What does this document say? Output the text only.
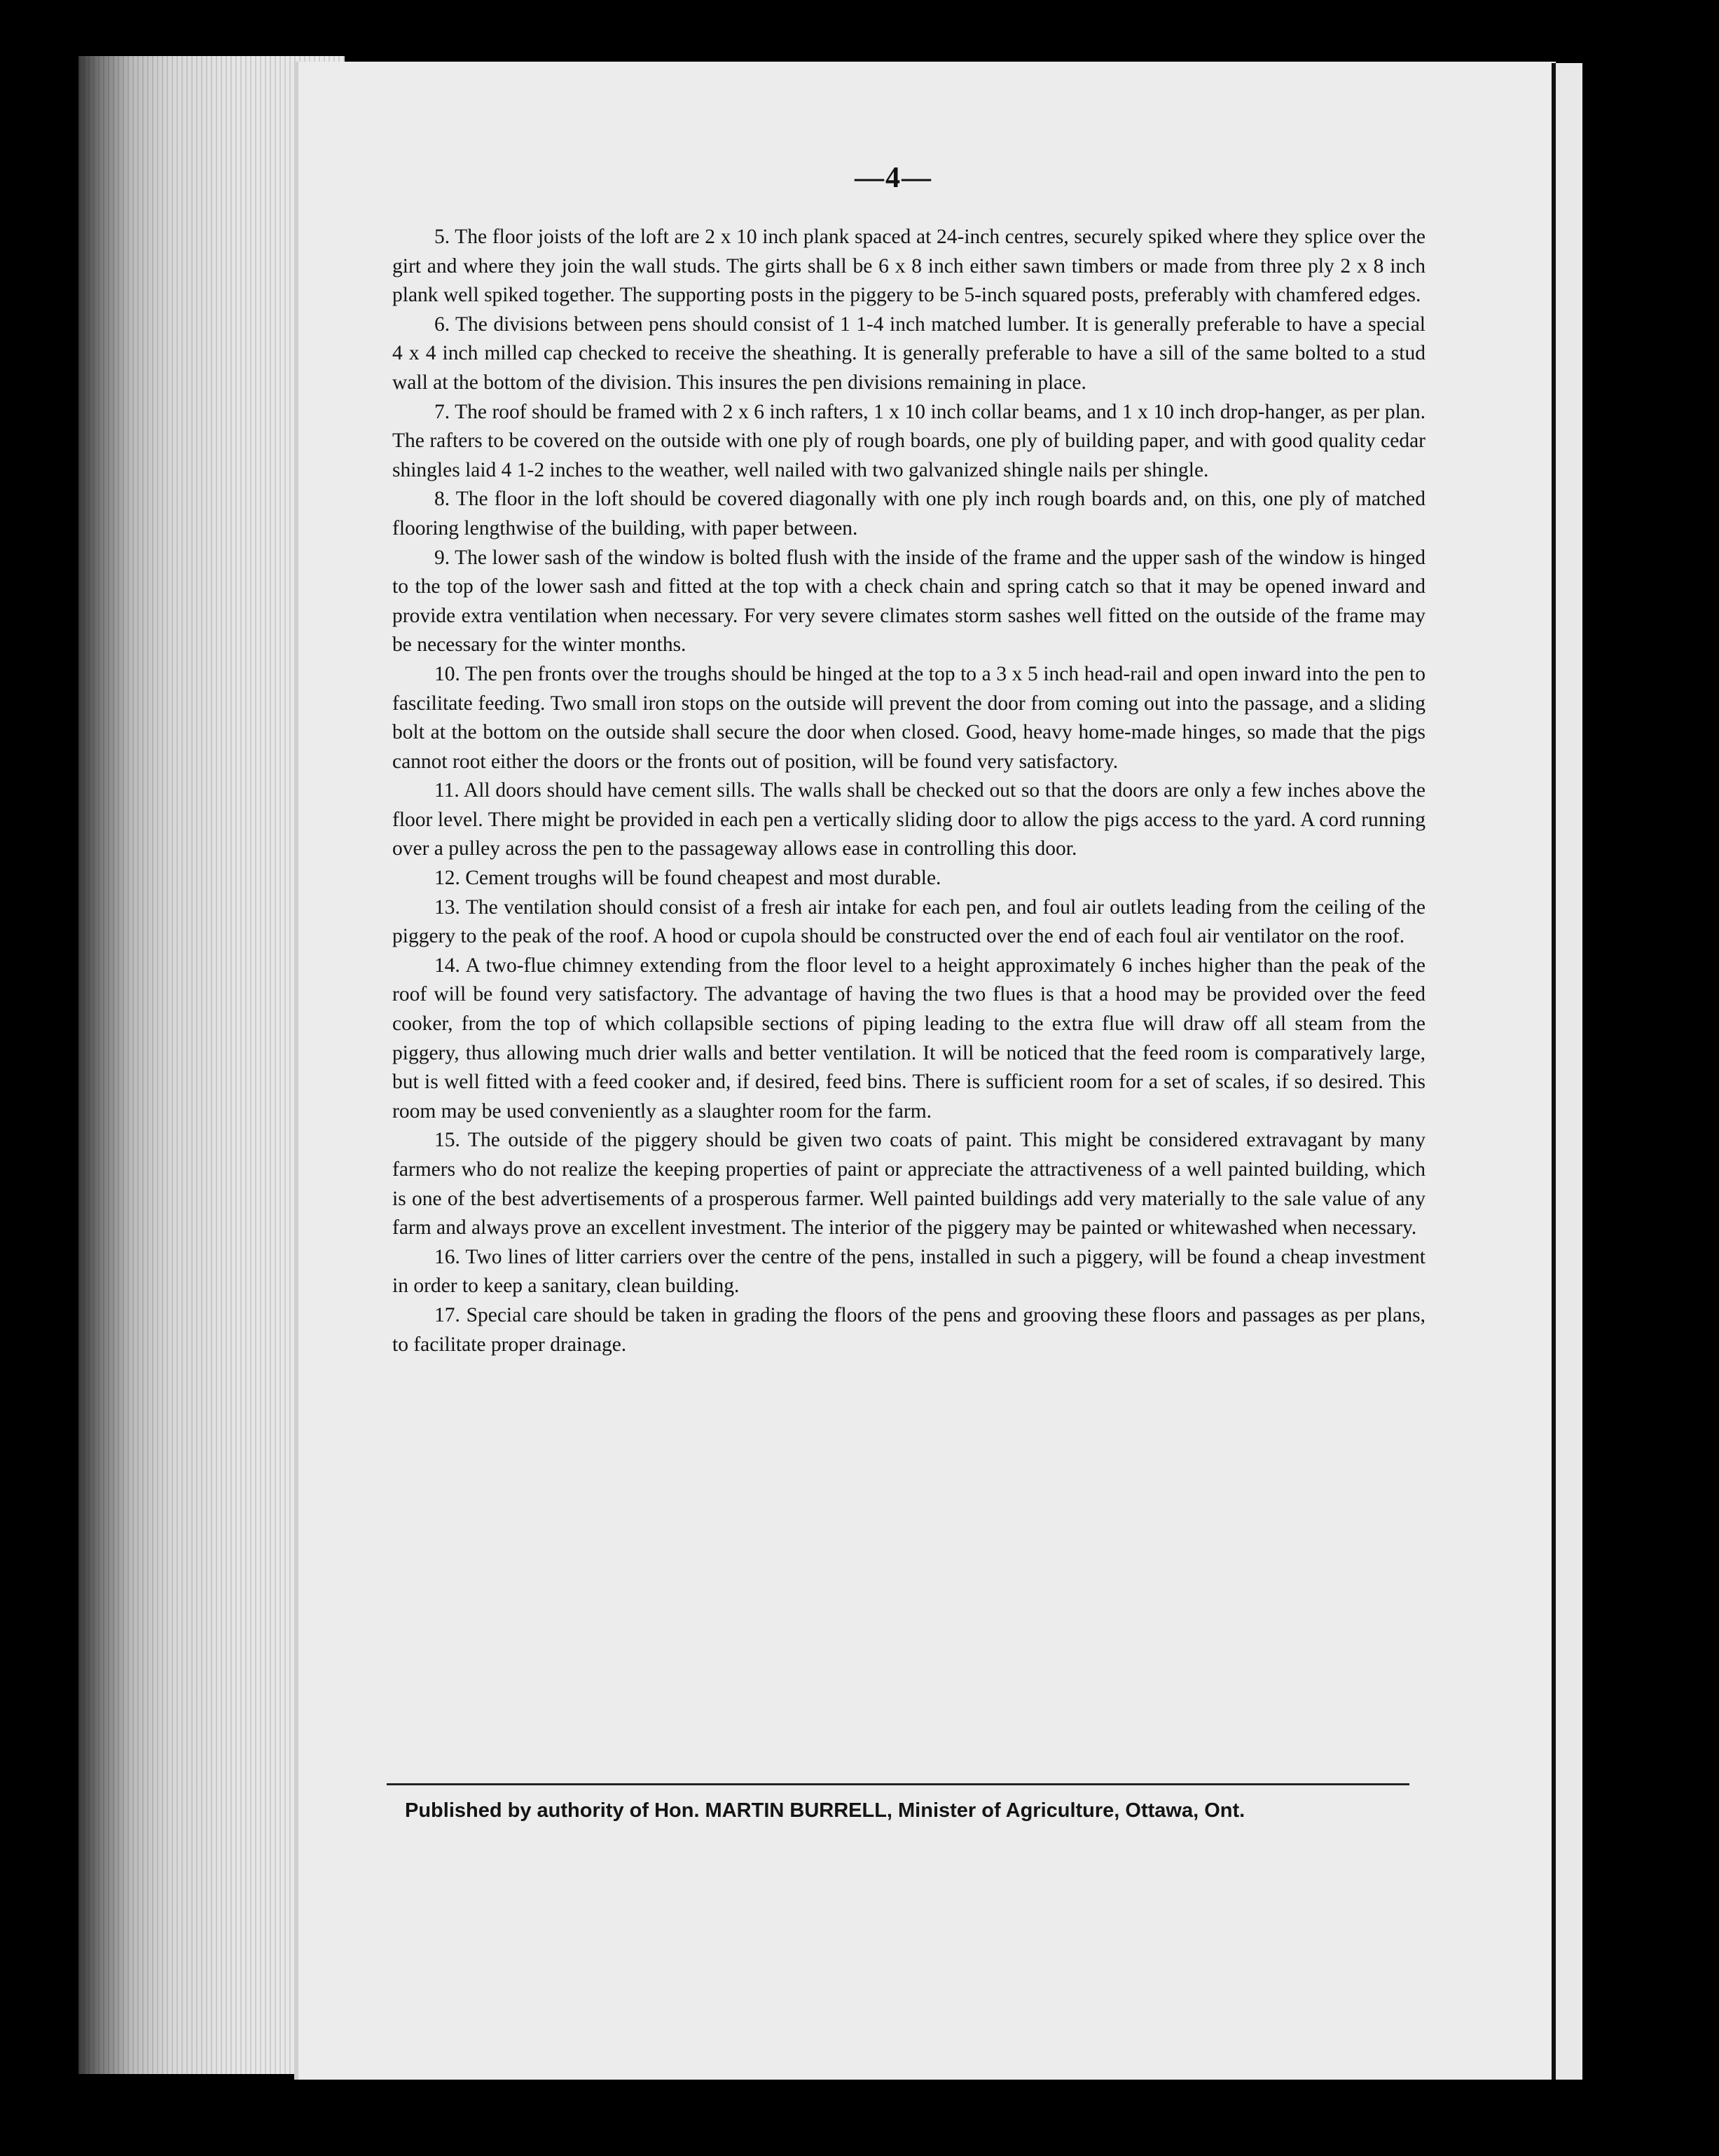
—4—

5. The floor joists of the loft are 2 x 10 inch plank spaced at 24-inch centres, securely spiked where they splice over the girt and where they join the wall studs. The girts shall be 6 x 8 inch either sawn timbers or made from three ply 2 x 8 inch plank well spiked together. The supporting posts in the piggery to be 5-inch squared posts, preferably with chamfered edges.

6. The divisions between pens should consist of 1 1-4 inch matched lumber. It is generally preferable to have a special 4 x 4 inch milled cap checked to receive the sheathing. It is generally preferable to have a sill of the same bolted to a stud wall at the bottom of the division. This insures the pen divisions remaining in place.

7. The roof should be framed with 2 x 6 inch rafters, 1 x 10 inch collar beams, and 1 x 10 inch drop-hanger, as per plan. The rafters to be covered on the outside with one ply of rough boards, one ply of building paper, and with good quality cedar shingles laid 4 1-2 inches to the weather, well nailed with two galvanized shingle nails per shingle.

8. The floor in the loft should be covered diagonally with one ply inch rough boards and, on this, one ply of matched flooring lengthwise of the building, with paper between.

9. The lower sash of the window is bolted flush with the inside of the frame and the upper sash of the window is hinged to the top of the lower sash and fitted at the top with a check chain and spring catch so that it may be opened inward and provide extra ventilation when necessary. For very severe climates storm sashes well fitted on the outside of the frame may be necessary for the winter months.

10. The pen fronts over the troughs should be hinged at the top to a 3 x 5 inch head-rail and open inward into the pen to fascilitate feeding. Two small iron stops on the outside will prevent the door from coming out into the passage, and a sliding bolt at the bottom on the outside shall secure the door when closed. Good, heavy home-made hinges, so made that the pigs cannot root either the doors or the fronts out of position, will be found very satisfactory.

11. All doors should have cement sills. The walls shall be checked out so that the doors are only a few inches above the floor level. There might be provided in each pen a vertically sliding door to allow the pigs access to the yard. A cord running over a pulley across the pen to the passageway allows ease in controlling this door.

12. Cement troughs will be found cheapest and most durable.

13. The ventilation should consist of a fresh air intake for each pen, and foul air outlets leading from the ceiling of the piggery to the peak of the roof. A hood or cupola should be constructed over the end of each foul air ventilator on the roof.

14. A two-flue chimney extending from the floor level to a height approximately 6 inches higher than the peak of the roof will be found very satisfactory. The advantage of having the two flues is that a hood may be provided over the feed cooker, from the top of which collapsible sections of piping leading to the extra flue will draw off all steam from the piggery, thus allowing much drier walls and better ventilation. It will be noticed that the feed room is comparatively large, but is well fitted with a feed cooker and, if desired, feed bins. There is sufficient room for a set of scales, if so desired. This room may be used conveniently as a slaughter room for the farm.

15. The outside of the piggery should be given two coats of paint. This might be considered extravagant by many farmers who do not realize the keeping properties of paint or appreciate the attractiveness of a well painted building, which is one of the best advertisements of a prosperous farmer. Well painted buildings add very materially to the sale value of any farm and always prove an excellent investment. The interior of the piggery may be painted or whitewashed when necessary.

16. Two lines of litter carriers over the centre of the pens, installed in such a piggery, will be found a cheap investment in order to keep a sanitary, clean building.

17. Special care should be taken in grading the floors of the pens and grooving these floors and passages as per plans, to facilitate proper drainage.

Published by authority of Hon. MARTIN BURRELL, Minister of Agriculture, Ottawa, Ont.
